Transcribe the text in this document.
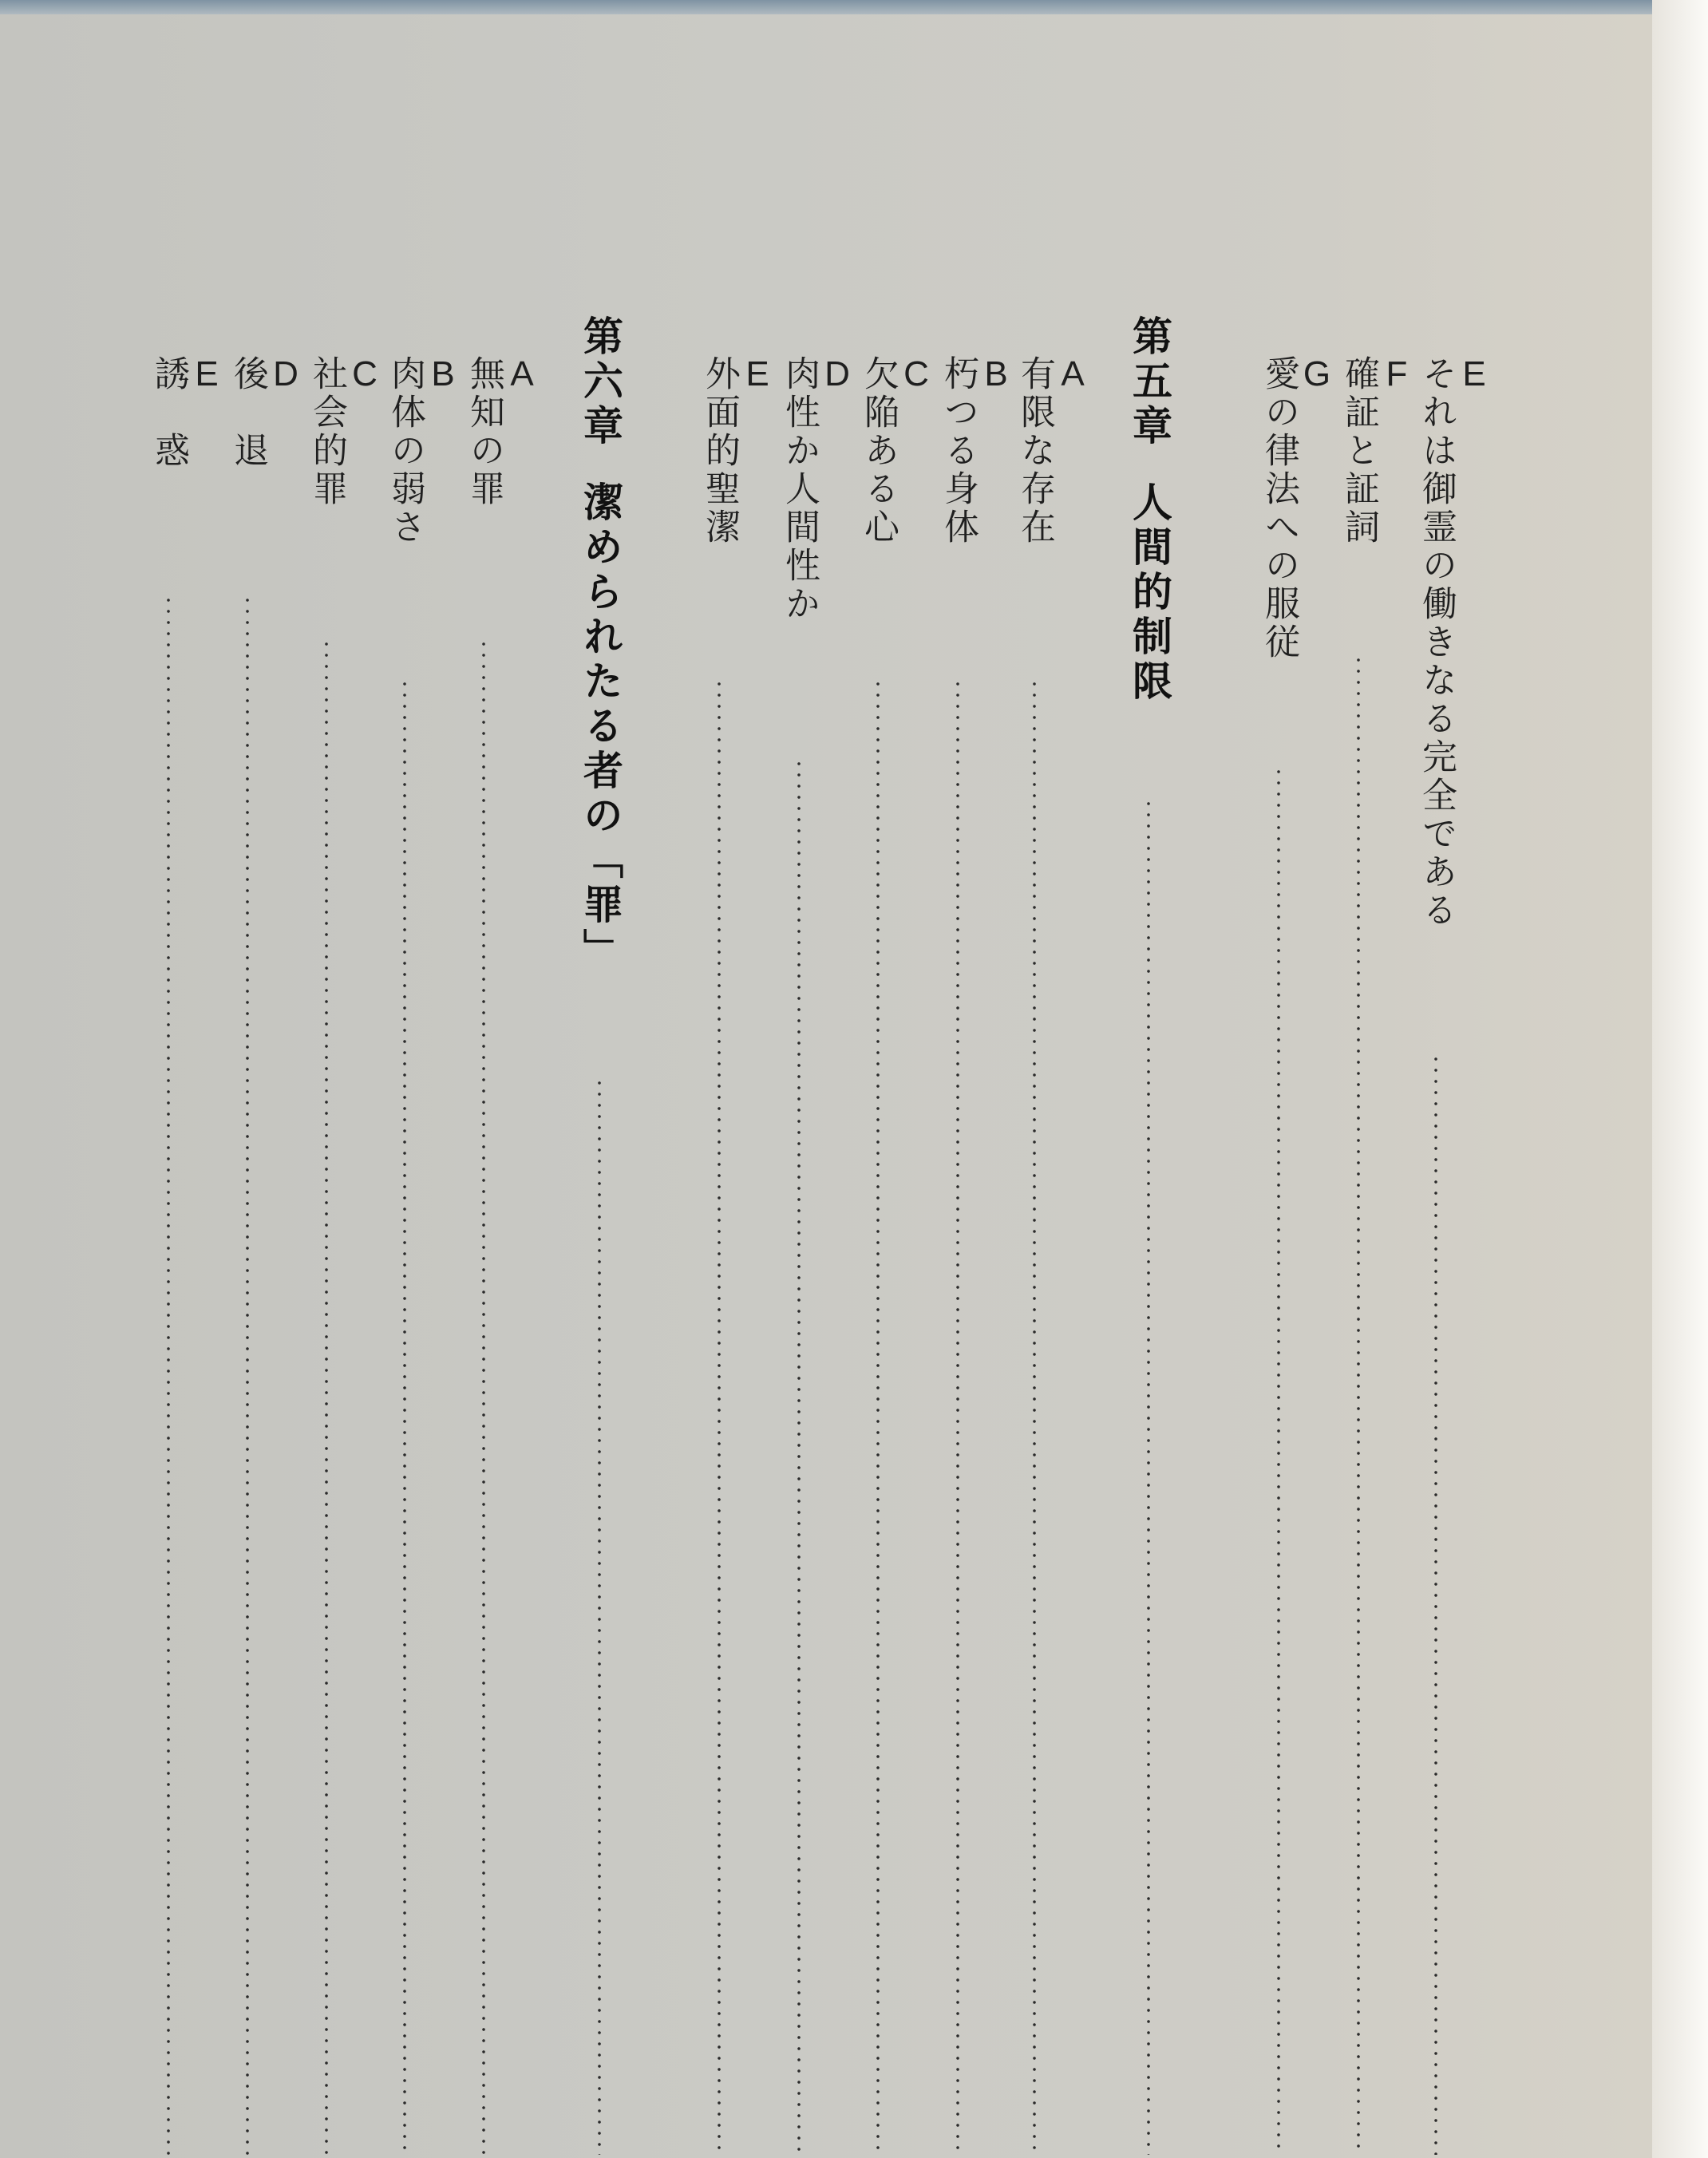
E
それは御霊の働きなる完全である
F
確証と証詞
G
愛の律法への服従
第五章人間的制限
A
有限な存在
B
朽つる身体
C
欠陥ある心
D
肉性か人間性か
E
外面的聖潔
第六章潔められたる者の「罪」
A
無知の罪
B
肉体の弱さ
C
社会的罪
D
後　退
E
誘　惑
